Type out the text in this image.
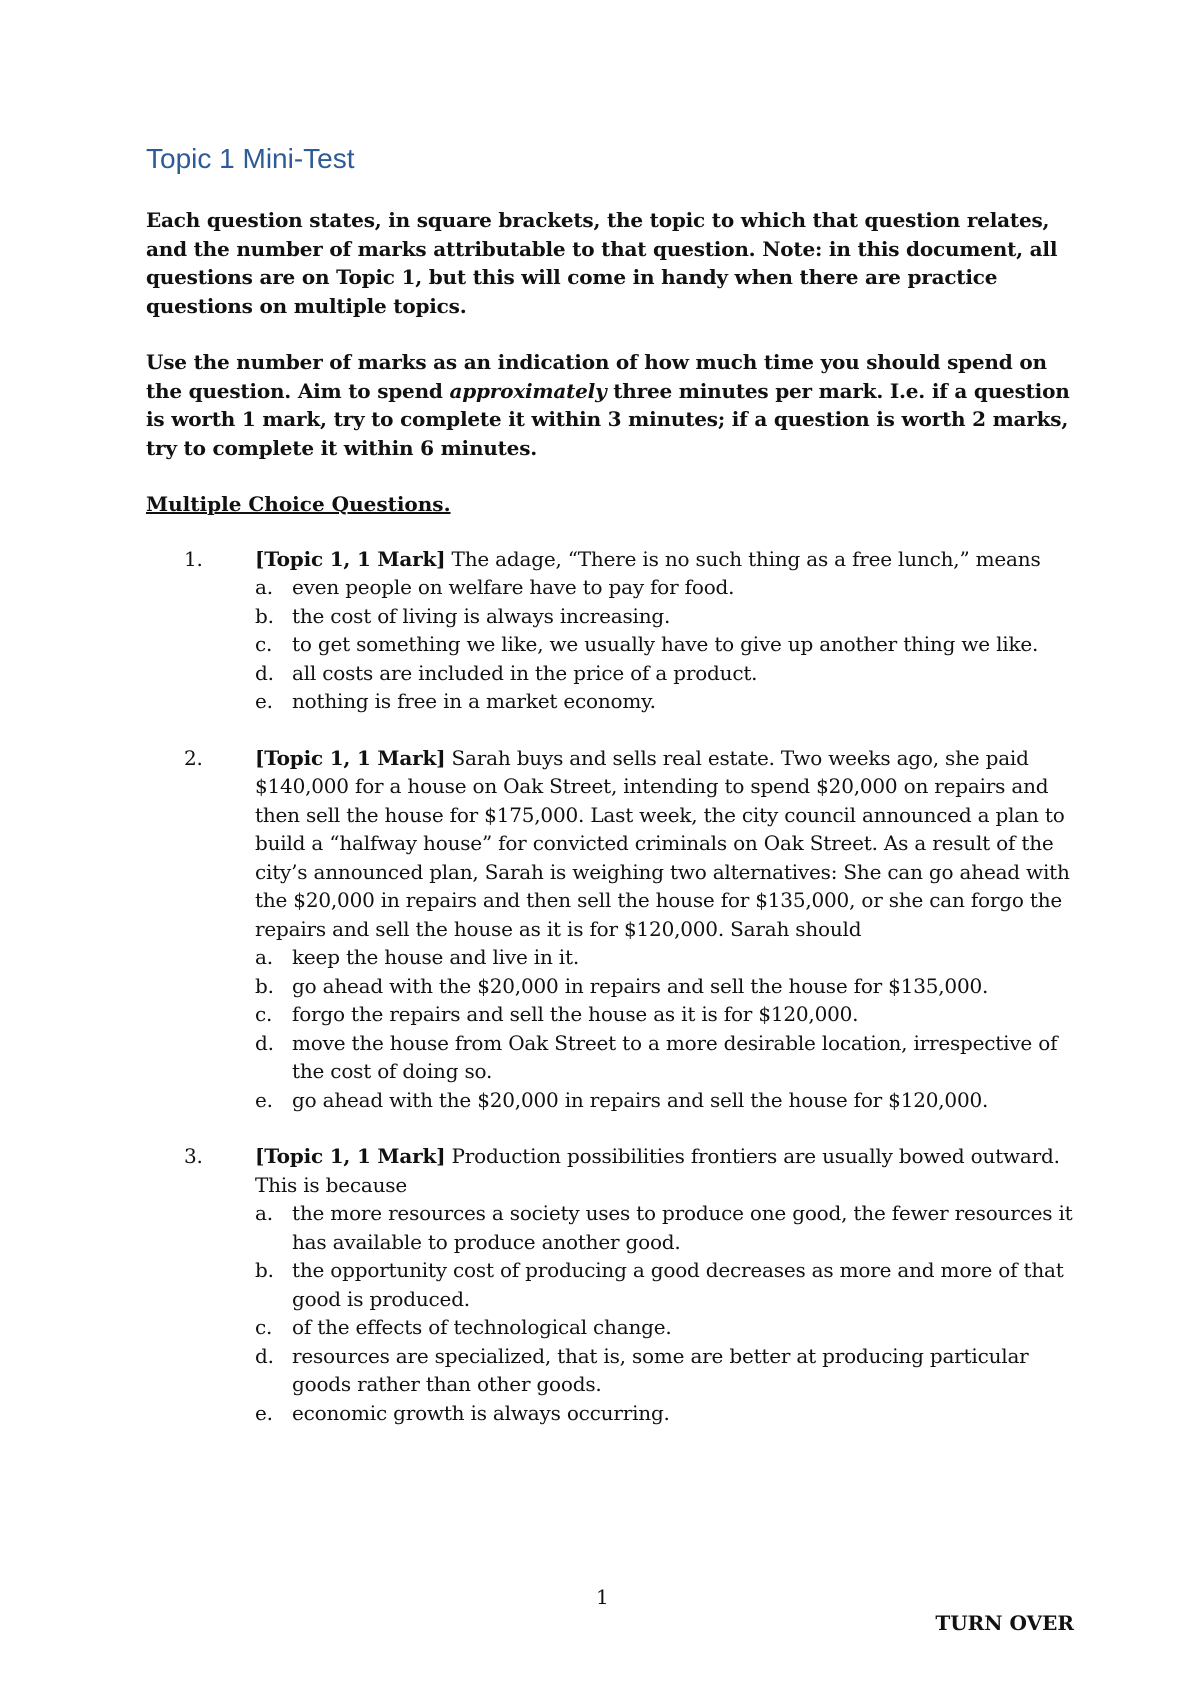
Topic 1 Mini-Test

Each question states, in square brackets, the topic to which that question relates, and the number of marks attributable to that question. Note: in this document, all questions are on Topic 1, but this will come in handy when there are practice questions on multiple topics.

Use the number of marks as an indication of how much time you should spend on the question. Aim to spend approximately three minutes per mark. I.e. if a question is worth 1 mark, try to complete it within 3 minutes; if a question is worth 2 marks, try to complete it within 6 minutes.

Multiple Choice Questions.
1.	[Topic 1, 1 Mark] The adage, “There is no such thing as a free lunch,” means
a. even people on welfare have to pay for food.
b. the cost of living is always increasing.
c. to get something we like, we usually have to give up another thing we like.
d. all costs are included in the price of a product.
e. nothing is free in a market economy.
2.	[Topic 1, 1 Mark] Sarah buys and sells real estate. Two weeks ago, she paid $140,000 for a house on Oak Street, intending to spend $20,000 on repairs and then sell the house for $175,000. Last week, the city council announced a plan to build a “halfway house” for convicted criminals on Oak Street. As a result of the city’s announced plan, Sarah is weighing two alternatives: She can go ahead with the $20,000 in repairs and then sell the house for $135,000, or she can forgo the repairs and sell the house as it is for $120,000. Sarah should
a. keep the house and live in it.
b. go ahead with the $20,000 in repairs and sell the house for $135,000.
c. forgo the repairs and sell the house as it is for $120,000.
d. move the house from Oak Street to a more desirable location, irrespective of the cost of doing so.
e. go ahead with the $20,000 in repairs and sell the house for $120,000.
3.	[Topic 1, 1 Mark] Production possibilities frontiers are usually bowed outward. This is because
a. the more resources a society uses to produce one good, the fewer resources it has available to produce another good.
b. the opportunity cost of producing a good decreases as more and more of that good is produced.
c. of the effects of technological change.
d. resources are specialized, that is, some are better at producing particular goods rather than other goods.
e. economic growth is always occurring.
1
TURN OVER
